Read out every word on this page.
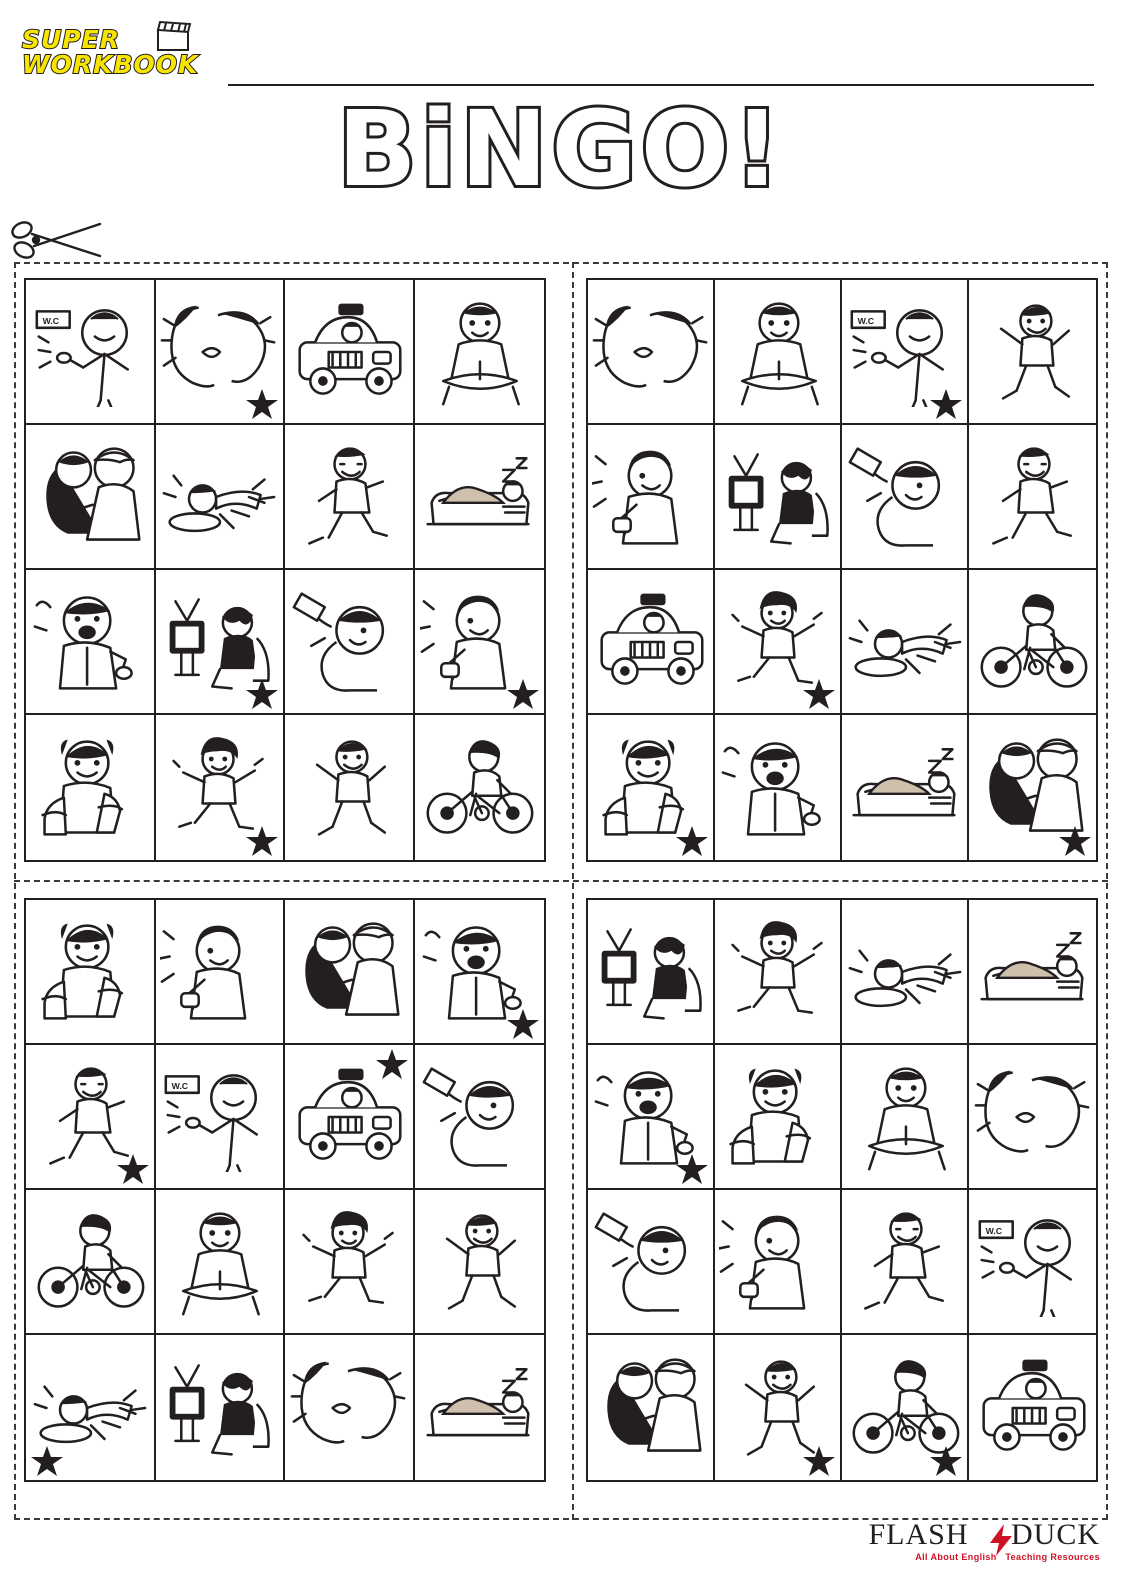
SUPER
WORKBOOK
BiNGO!
W.C	W.C
W.C
W.C
FLASH DUCK
All About English Teaching Resources
